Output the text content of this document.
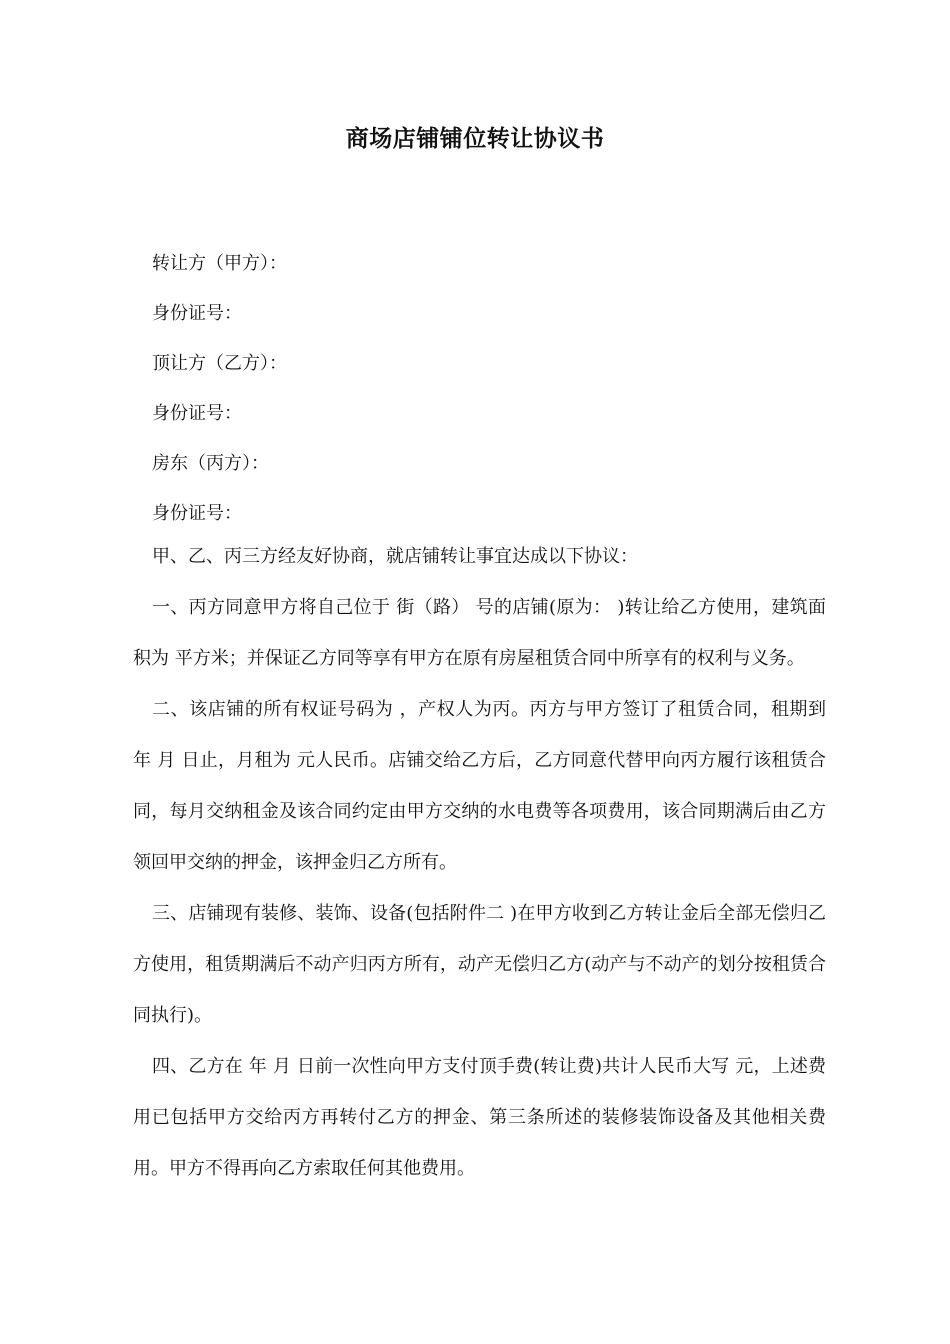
商场店铺铺位转让协议书
转让方（甲方）：
身份证号：
顶让方（乙方）：
身份证号：
房东（丙方）：
身份证号：

甲、乙、丙三方经友好协商，就店铺转让事宜达成以下协议：

一、丙方同意甲方将自己位于 街（路） 号的店铺(原为： )转让给乙方使用，建筑面积为 平方米；并保证乙方同等享有甲方在原有房屋租赁合同中所享有的权利与义务。

二、该店铺的所有权证号码为 ，产权人为丙。丙方与甲方签订了租赁合同，租期到 年 月 日止，月租为 元人民币。店铺交给乙方后，乙方同意代替甲向丙方履行该租赁合同，每月交纳租金及该合同约定由甲方交纳的水电费等各项费用，该合同期满后由乙方领回甲交纳的押金，该押金归乙方所有。

三、店铺现有装修、装饰、设备(包括附件二 )在甲方收到乙方转让金后全部无偿归乙方使用，租赁期满后不动产归丙方所有，动产无偿归乙方(动产与不动产的划分按租赁合同执行)。

四、乙方在 年 月 日前一次性向甲方支付顶手费(转让费)共计人民币大写 元，上述费用已包括甲方交给丙方再转付乙方的押金、第三条所述的装修装饰设备及其他相关费用。甲方不得再向乙方索取任何其他费用。
